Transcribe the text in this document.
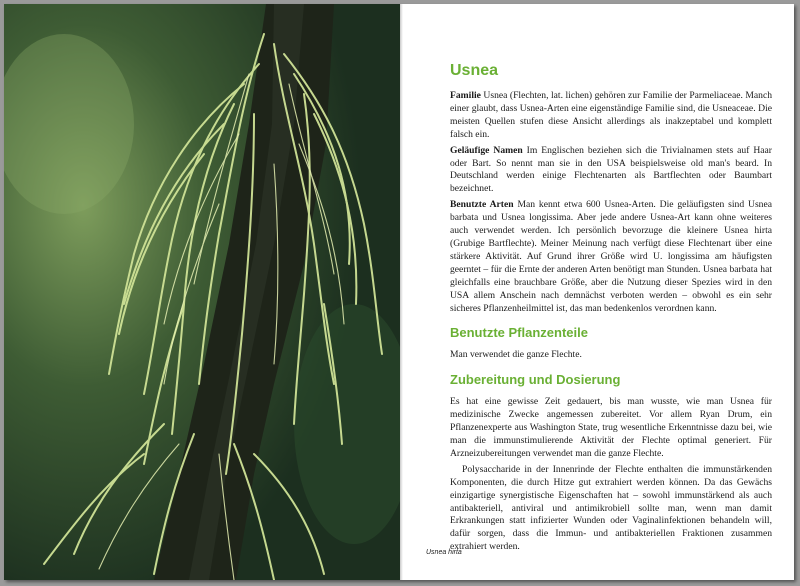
Usnea

Familie Usnea (Flechten, lat. lichen) gehören zur Familie der Parmeliaceae. Manch einer glaubt, dass Usnea-Arten eine eigenständige Familie sind, die Usneaceae. Die meisten Quellen stufen diese Ansicht allerdings als inakzeptabel und komplett falsch ein.

Geläufige Namen Im Englischen beziehen sich die Trivialnamen stets auf Haar oder Bart. So nennt man sie in den USA beispielsweise old man's beard. In Deutschland werden einige Flechtenarten als Bartflechten oder Baumbart bezeichnet.

Benutzte Arten Man kennt etwa 600 Usnea-Arten. Die geläufigsten sind Usnea barbata und Usnea longissima. Aber jede andere Usnea-Art kann ohne weiteres auch verwendet werden. Ich persönlich bevorzuge die kleinere Usnea hirta (Grubige Bartflechte). Meiner Meinung nach verfügt diese Flechtenart über eine stärkere Aktivität. Auf Grund ihrer Größe wird U. longissima am häufigsten geerntet – für die Ernte der anderen Arten benötigt man Stunden. Usnea barbata hat gleichfalls eine brauchbare Größe, aber die Nutzung dieser Spezies wird in den USA allem Anschein nach demnächst verboten werden – obwohl es ein sehr sicheres Pflanzenheilmittel ist, das man bedenkenlos verordnen kann.

Benutzte Pflanzenteile

Man verwendet die ganze Flechte.

Zubereitung und Dosierung

Es hat eine gewisse Zeit gedauert, bis man wusste, wie man Usnea für medizinische Zwecke angemessen zubereitet. Vor allem Ryan Drum, ein Pflanzenexperte aus Washington State, trug wesentliche Erkenntnisse dazu bei, wie man die immunstimulierende Aktivität der Flechte optimal generiert. Für Arzneizubereitungen verwendet man die ganze Flechte.

Polysaccharide in der Innenrinde der Flechte enthalten die immunstärkenden Komponenten, die durch Hitze gut extrahiert werden können. Da das Gewächs einzigartige synergistische Eigenschaften hat – sowohl immunstärkend als auch antibakteriell, antiviral und antimikrobiell sollte man, wenn man damit Erkrankungen statt infizierter Wunden oder Vaginalinfektionen behandeln will, dafür sorgen, dass die Immun- und antibakteriellen Fraktionen zusammen extrahiert werden.

Usnea hirta
